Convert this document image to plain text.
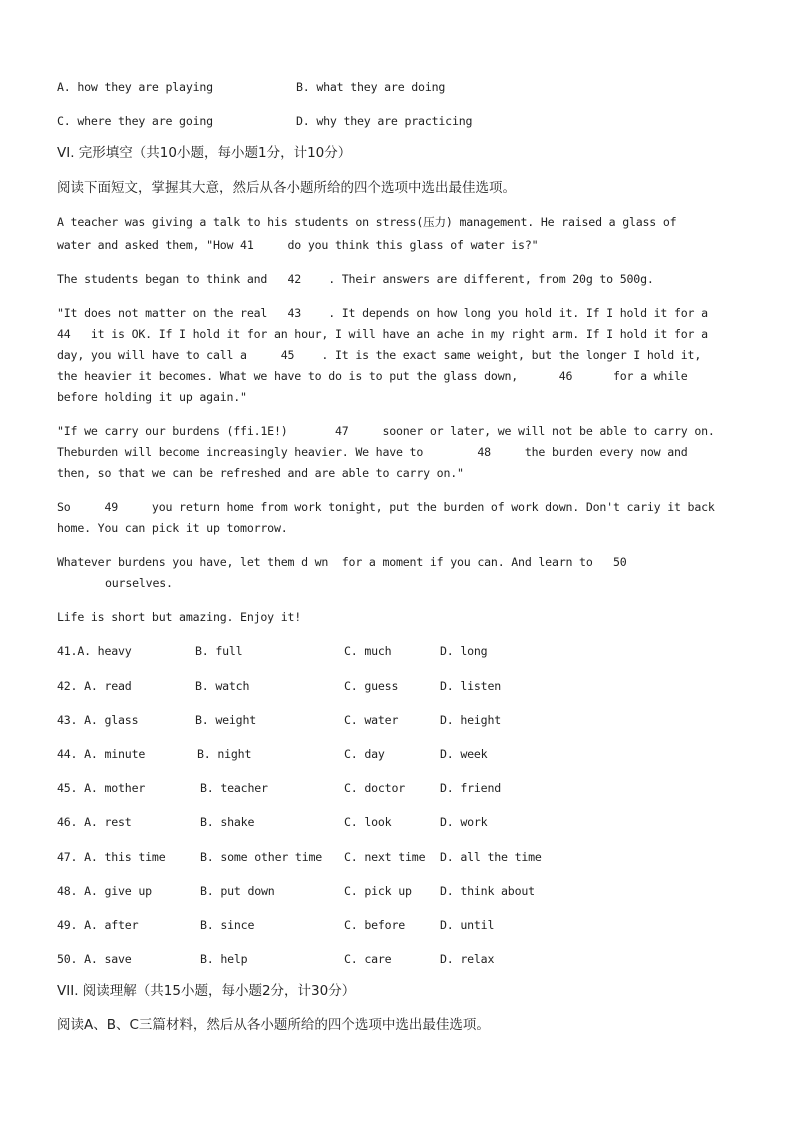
A. how they are playing	B. what they are doing
C. where they are going	D. why they are practicing
VI. 完形填空（共10小题，每小题1分，计10分）
阅读下面短文，掌握其大意，然后从各小题所给的四个选项中选出最佳选项。
A teacher was giving a talk to his students on stress(压力) management. He raised a glass of
water and asked them, "How 41     do you think this glass of water is?"
The students began to think and   42    . Their answers are different, from 20g to 500g.
"It does not matter on the real   43    . It depends on how long you hold it. If I hold it for a
44   it is OK. If I hold it for an hour, I will have an ache in my right arm. If I hold it for a
day, you will have to call a     45    . It is the exact same weight, but the longer I hold it,
the heavier it becomes. What we have to do is to put the glass down,      46      for a while
before holding it up again."
"If we carry our burdens (ffi.1E!)       47     sooner or later, we will not be able to carry on.
Theburden will become increasingly heavier. We have to        48     the burden every now and
then, so that we can be refreshed and are able to carry on."
So     49     you return home from work tonight, put the burden of work down. Don't cariy it back
home. You can pick it up tomorrow.
Whatever burdens you have, let them d wn  for a moment if you can. And learn to   50
ourselves.
Life is short but amazing. Enjoy it!
41.A. heavy	B. full	C. much	D. long
42. A. read	B. watch	C. guess	D. listen
43. A. glass	B. weight	C. water	D. height
44. A. minute	B. night	C. day	D. week
45. A. mother	B. teacher	C. doctor	D. friend
46. A. rest	B. shake	C. look	D. work
47. A. this time	B. some other time C. next time D. all the time
48. A. give up	B. put down	C. pick up D. think about
49. A. after	B. since	C. before	D. until
50. A. save	B. help	C. care	D. relax
VII. 阅读理解（共15小题，每小题2分，计30分）
阅读A、B、C三篇材料，然后从各小题所给的四个选项中选出最佳选项。
